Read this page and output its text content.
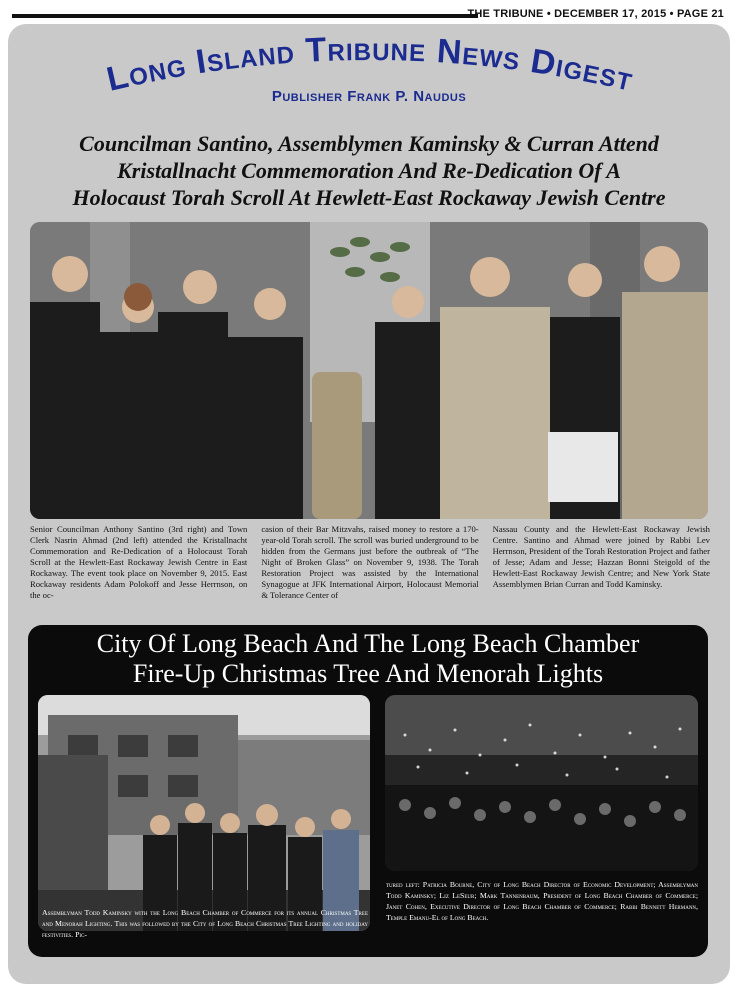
THE TRIBUNE • DECEMBER 17, 2015 • PAGE 21
Long Island Tribune News Digest
Publisher Frank P. Naudus
Councilman Santino, Assemblymen Kaminsky & Curran Attend
Kristallnacht Commemoration And Re-Dedication Of A
Holocaust Torah Scroll At Hewlett-East Rockaway Jewish Centre
Senior Councilman Anthony Santino (3rd right) and Town Clerk Nasrin Ahmad (2nd left) attended the Kristallnacht Commemoration and Re-Dedication of a Holocaust Torah Scroll at the Hewlett-East Rockaway Jewish Centre in East Rockaway. The event took place on November 9, 2015. East Rockaway residents Adam Polokoff and Jesse Herrnson, on the oc-
casion of their Bar Mitzvahs, raised money to restore a 170-year-old Torah scroll. The scroll was buried underground to be hidden from the Germans just before the outbreak of “The Night of Broken Glass” on November 9, 1938. The Torah Restoration Project was assisted by the International Synagogue at JFK International Airport, Holocaust Memorial & Tolerance Center of
Nassau County and the Hewlett-East Rockaway Jewish Centre. Santino and Ahmad were joined by Rabbi Lev Herrnson, President of the Torah Restoration Project and father of Jesse; Adam and Jesse; Hazzan Bonni Steigold of the Hewlett-East Rockaway Jewish Centre; and New York State Assemblymen Brian Curran and Todd Kaminsky.
City Of Long Beach And The Long Beach Chamber
Fire-Up Christmas Tree And Menorah Lights
Assemblyman Todd Kaminsky with the Long Beach Chamber of Commerce for its annual Christmas Tree and Menorah Lighting. This was followed by the City of Long Beach Christmas Tree Lighting and holiday festivities. Pic-
tured left: Patricia Bourne, City of Long Beach Director of Economic Development; Assemblyman Todd Kaminsky; Liz LeSeur; Mark Tannenbaum, President of Long Beach Chamber of Commerce; Janet Cohen, Executive Director of Long Beach Chamber of Commerce; Rabbi Bennett Hermann, Temple Emanu-El of Long Beach.
